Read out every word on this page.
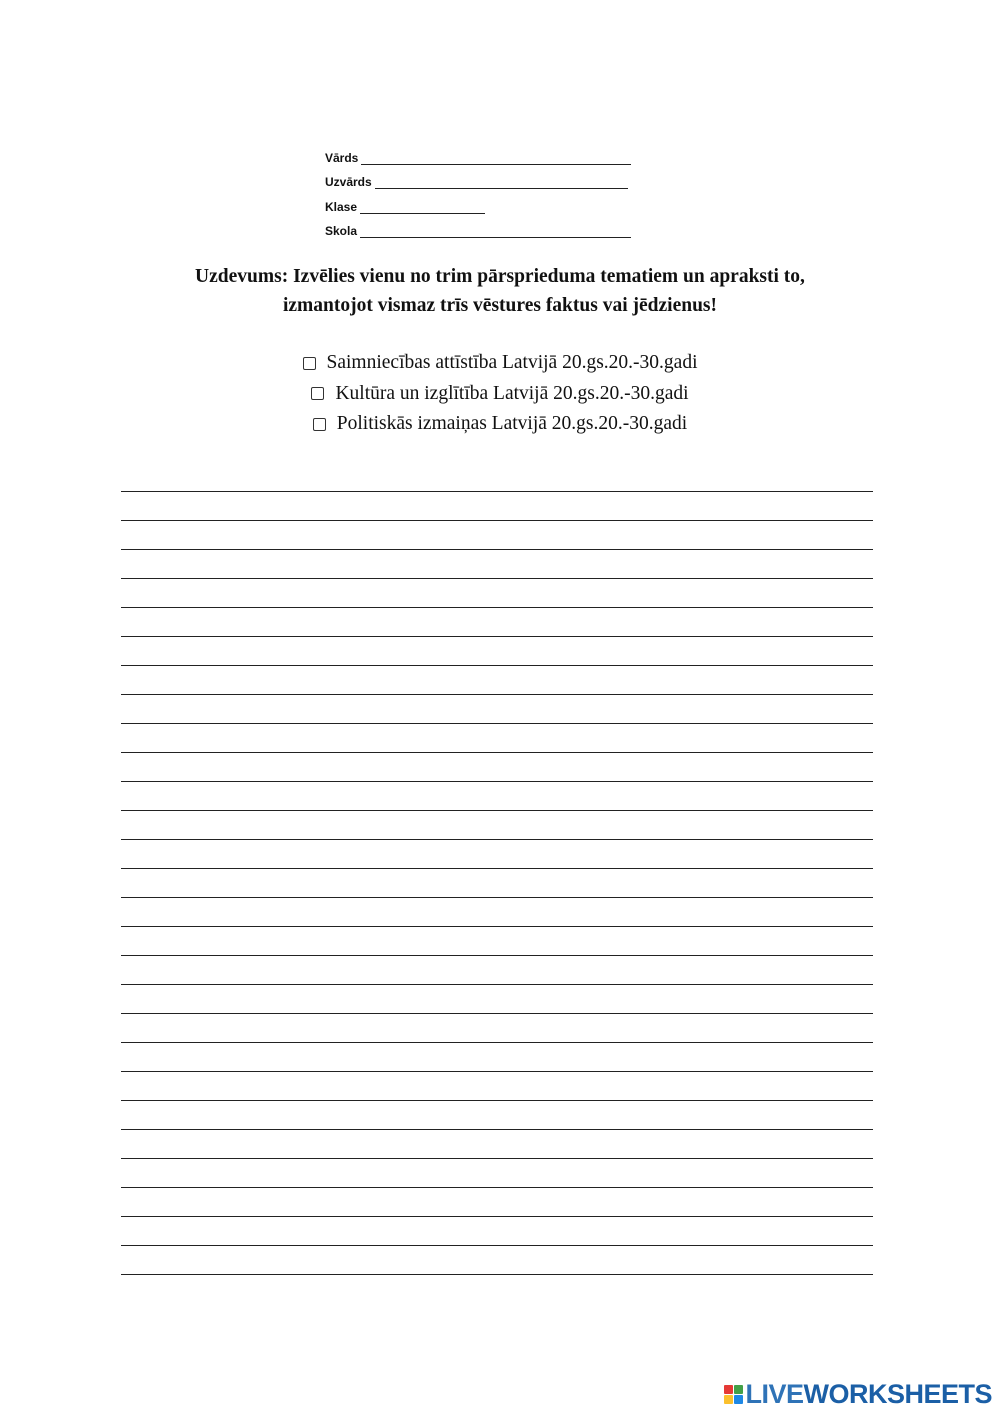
Vārds
Uzvārds
Klase
Skola
Uzdevums: Izvēlies vienu no trim pārsprieduma tematiem un apraksti to,
izmantojot vismaz trīs vēstures faktus vai jēdzienus!
Saimniecības attīstība Latvijā 20.gs.20.-30.gadi
Kultūra un izglītība Latvijā 20.gs.20.-30.gadi
Politiskās izmaiņas Latvijā 20.gs.20.-30.gadi
LIVE WORKSHEETS
